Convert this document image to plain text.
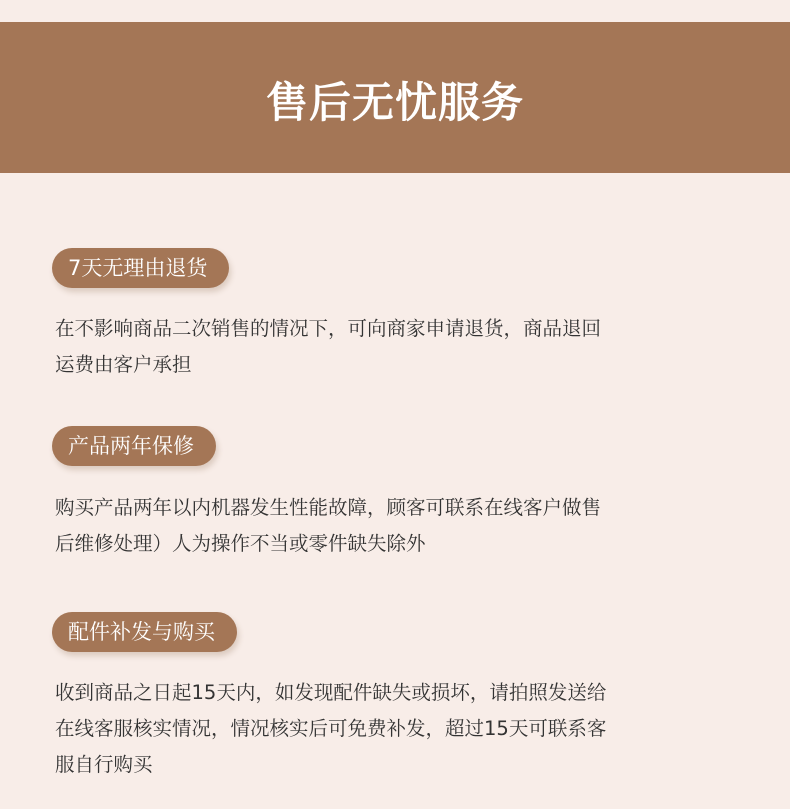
售后无忧服务
7天无理由退货

在不影响商品二次销售的情况下，可向商家申请退货，商品退回
运费由客户承担

产品两年保修

购买产品两年以内机器发生性能故障，顾客可联系在线客户做售
后维修处理）人为操作不当或零件缺失除外

配件补发与购买

收到商品之日起15天内，如发现配件缺失或损坏，请拍照发送给
在线客服核实情况，情况核实后可免费补发，超过15天可联系客
服自行购买
